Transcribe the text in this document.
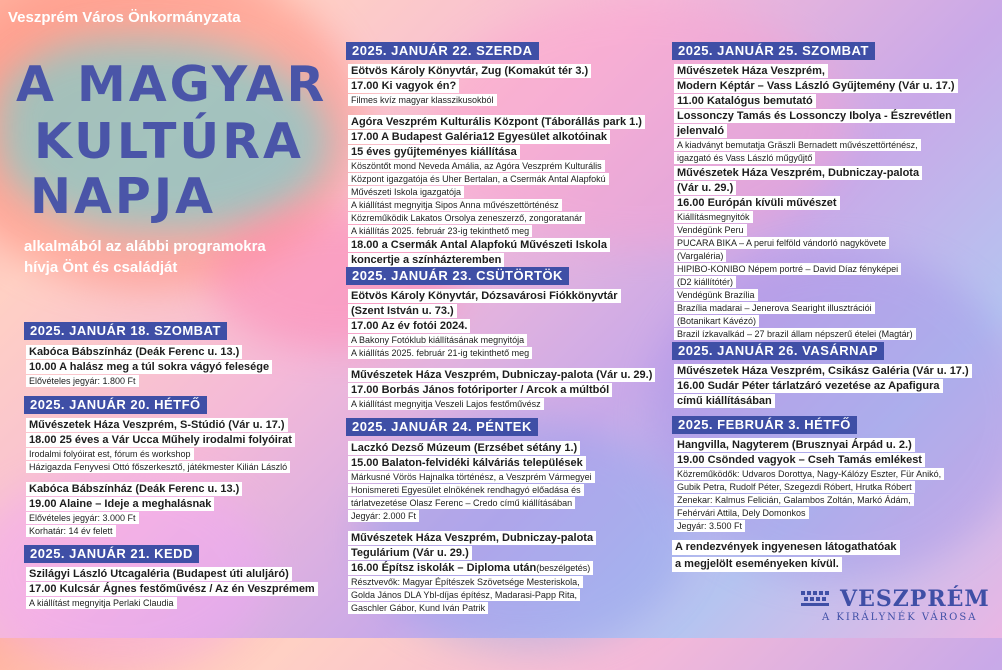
Veszprém Város Önkormányzata
A MAGYAR
KULTÚRA
NAPJA
alkalmából az alábbi programokra
hívja Önt és családját
2025. JANUÁR 18. SZOMBAT
Kabóca Bábszínház (Deák Ferenc u. 13.)
10.00 A halász meg a túl sokra vágyó felesége
Elővételes jegyár: 1.800 Ft
2025. JANUÁR 20. HÉTFŐ
Művészetek Háza Veszprém, S-Stúdió (Vár u. 17.)
18.00 25 éves a Vár Ucca Műhely irodalmi folyóirat
Irodalmi folyóirat est, fórum és workshop
Házigazda Fenyvesi Ottó főszerkesztő, játékmester Kilián László
Kabóca Bábszínház (Deák Ferenc u. 13.)
19.00 Alaine – Ideje a meghalásnak
Elővételes jegyár: 3.000 Ft
Korhatár: 14 év felett
2025. JANUÁR 21. KEDD
Szilágyi László Utcagaléria (Budapest úti aluljáró)
17.00 Kulcsár Ágnes festőművész / Az én Veszprémem
A kiállítást megnyitja Perlaki Claudia
2025. JANUÁR 22. SZERDA
Eötvös Károly Könyvtár, Zug (Komakút tér 3.)
17.00 Ki vagyok én?
Filmes kvíz magyar klasszikusokból
Agóra Veszprém Kulturális Központ (Táborállás park 1.)
17.00 A Budapest Galéria12 Egyesület alkotóinak
15 éves gyűjteményes kiállítása
Köszöntőt mond Neveda Amália, az Agóra Veszprém Kulturális
Központ igazgatója és Uher Bertalan, a Csermák Antal Alapfokú
Művészeti Iskola igazgatója
A kiállítást megnyitja Sipos Anna művészettörténész
Közreműködik Lakatos Orsolya zeneszerző, zongoratanár
A kiállítás 2025. február 23-ig tekinthető meg
18.00 a Csermák Antal Alapfokú Művészeti Iskola
koncertje a színházteremben
2025. JANUÁR 23. CSÜTÖRTÖK
Eötvös Károly Könyvtár, Dózsavárosi Fiókkönyvtár
(Szent István u. 73.)
17.00 Az év fotói 2024.
A Bakony Fotóklub kiállításának megnyitója
A kiállítás 2025. február 21-ig tekinthető meg
Művészetek Háza Veszprém, Dubniczay-palota (Vár u. 29.)
17.00 Borbás János fotóriporter / Arcok a múltból
A kiállítást megnyitja Veszeli Lajos festőművész
2025. JANUÁR 24. PÉNTEK
Laczkó Dezső Múzeum (Erzsébet sétány 1.)
15.00 Balaton-felvidéki kálváriás települések
Márkusné Vörös Hajnalka történész, a Veszprém Vármegyei
Honismereti Egyesület elnökének rendhagyó előadása és
tárlatvezetése Olasz Ferenc – Credo című kiállításában
Jegyár: 2.000 Ft
Művészetek Háza Veszprém, Dubniczay-palota
Tegulárium (Vár u. 29.)
16.00 Építsz iskolák – Diploma után(beszélgetés)
Résztvevők: Magyar Építészek Szövetsége Mesteriskola,
Golda János DLA Ybl-díjas építész, Madarasi-Papp Rita,
Gaschler Gábor, Kund Iván Patrik
2025. JANUÁR 25. SZOMBAT
Művészetek Háza Veszprém,
Modern Képtár – Vass László Gyűjtemény (Vár u. 17.)
11.00 Katalógus bemutató
Lossonczy Tamás és Lossonczy Ibolya - Észrevétlen
jelenvaló
A kiadványt bemutatja Gräszli Bernadett művészettörténész,
igazgató és Vass László műgyűjtő
Művészetek Háza Veszprém, Dubniczay-palota
(Vár u. 29.)
16.00 Európán kívüli művészet
Kiállításmegnyitók
Vendégünk Peru
PUCARA BIKA – A perui felföld vándorló nagykövete
(Vargaléria)
HIPIBO-KONIBO Népem portré – David Díaz fényképei
(D2 kiállítótér)
Vendégünk Brazília
Brazília madarai – Jenerova Searight illusztrációi
(Botanikart Kávézó)
Brazil ízkavalkád – 27 brazil állam népszerű ételei (Magtár)
2025. JANUÁR 26. VASÁRNAP
Művészetek Háza Veszprém, Csikász Galéria (Vár u. 17.)
16.00 Sudár Péter tárlatzáró vezetése az Apafigura
című kiállításában
2025. FEBRUÁR 3. HÉTFŐ
Hangvilla, Nagyterem (Brusznyai Árpád u. 2.)
19.00 Csönded vagyok – Cseh Tamás emlékest
Közreműködők: Udvaros Dorottya, Nagy-Kálózy Eszter, Für Anikó,
Gubik Petra, Rudolf Péter, Szegezdi Róbert, Hrutka Róbert
Zenekar: Kalmus Felicián, Galambos Zoltán, Markó Ádám,
Fehérvári Attila, Dely Domonkos
Jegyár: 3.500 Ft
A rendezvények ingyenesen látogathatóak
a megjelölt eseményeken kívül.
VESZPRÉM
A KIRÁLYNÉK VÁROSA
